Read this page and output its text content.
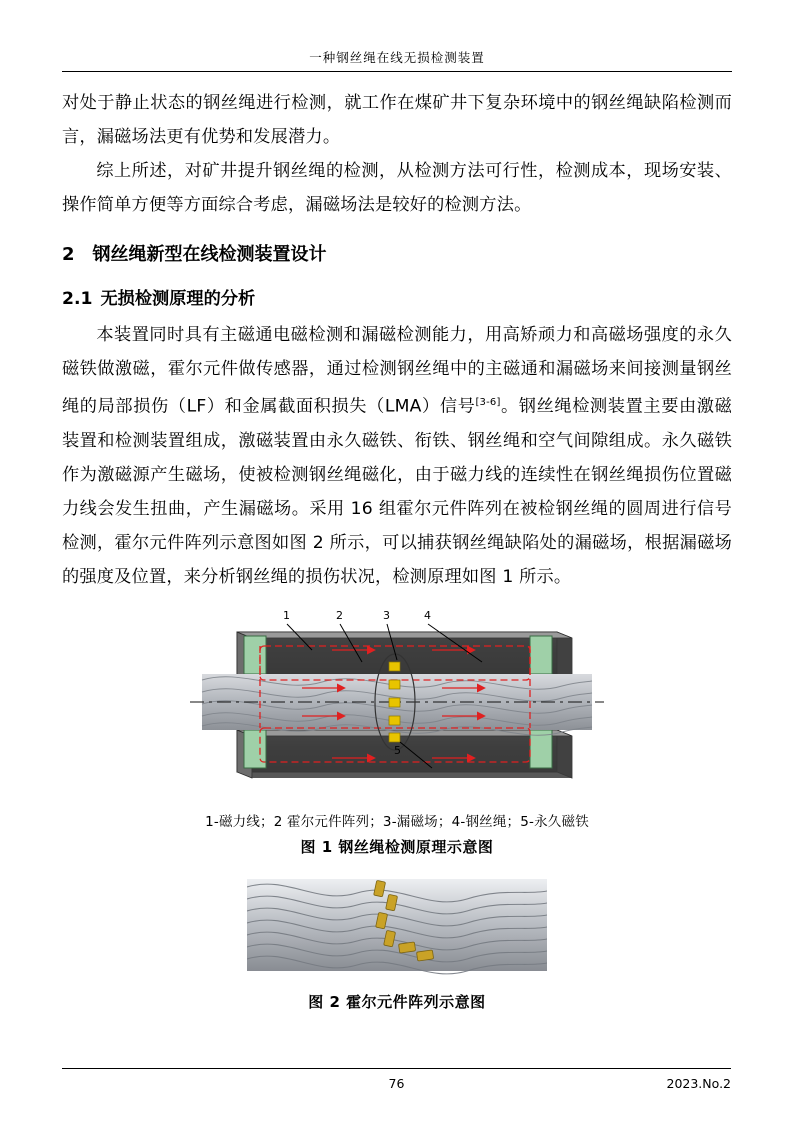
一种钢丝绳在线无损检测装置

对处于静止状态的钢丝绳进行检测，就工作在煤矿井下复杂环境中的钢丝绳缺陷检测而言，漏磁场法更有优势和发展潜力。

综上所述，对矿井提升钢丝绳的检测，从检测方法可行性，检测成本，现场安装、操作简单方便等方面综合考虑，漏磁场法是较好的检测方法。

2 钢丝绳新型在线检测装置设计
2.1 无损检测原理的分析

本装置同时具有主磁通电磁检测和漏磁检测能力，用高矫顽力和高磁场强度的永久磁铁做激磁，霍尔元件做传感器，通过检测钢丝绳中的主磁通和漏磁场来间接测量钢丝绳的局部损伤（LF）和金属截面积损失（LMA）信号[3-6]。钢丝绳检测装置主要由激磁装置和检测装置组成，激磁装置由永久磁铁、衔铁、钢丝绳和空气间隙组成。永久磁铁作为激磁源产生磁场，使被检测钢丝绳磁化，由于磁力线的连续性在钢丝绳损伤位置磁力线会发生扭曲，产生漏磁场。采用 16 组霍尔元件阵列在被检钢丝绳的圆周进行信号检测，霍尔元件阵列示意图如图 2 所示，可以捕获钢丝绳缺陷处的漏磁场，根据漏磁场的强度及位置，来分析钢丝绳的损伤状况，检测原理如图 1 所示。

1	2	3	4
5
1-磁力线；2 霍尔元件阵列；3-漏磁场；4-钢丝绳；5-永久磁铁
图 1 钢丝绳检测原理示意图
图 2 霍尔元件阵列示意图
76	2023.No.2
